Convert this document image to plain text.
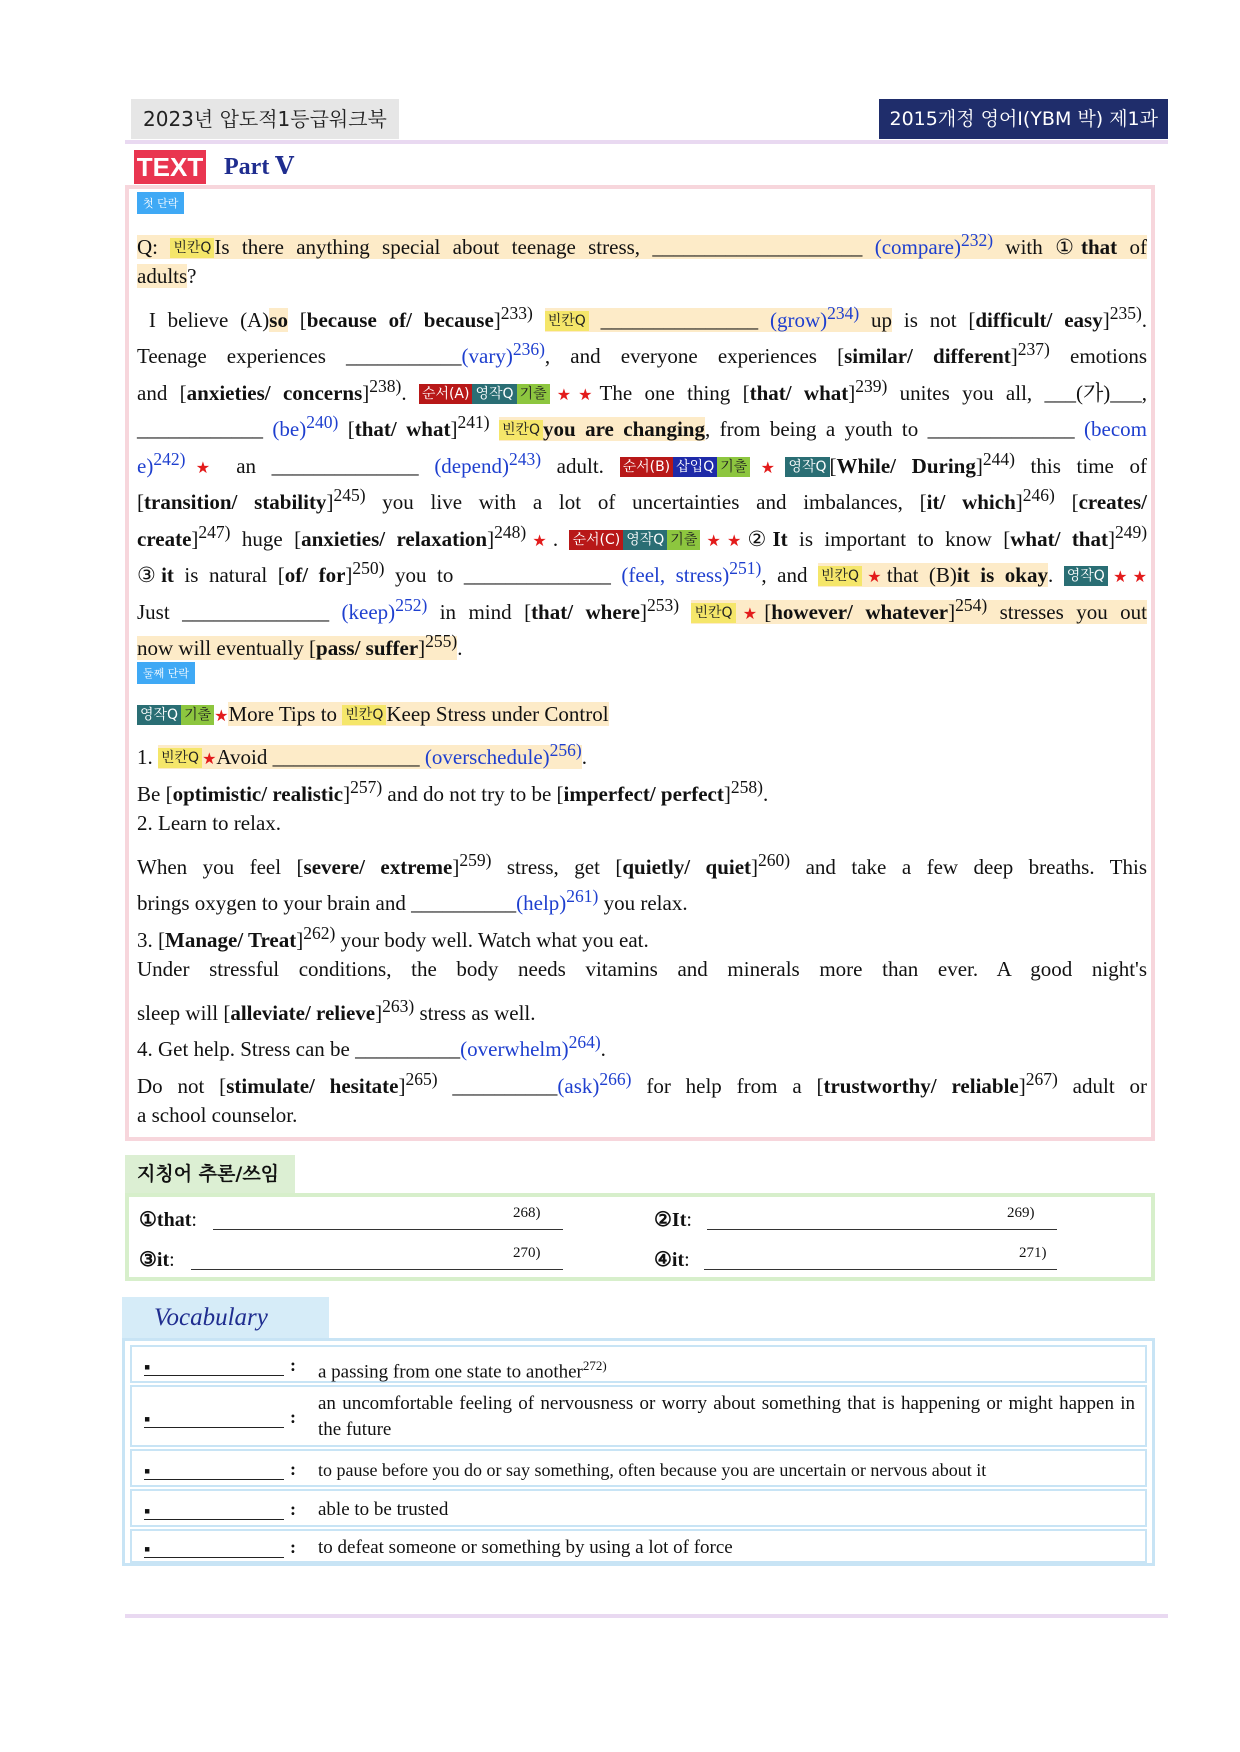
2023년 압도적1등급워크북	2015개정 영어Ⅰ(YBM 박) 제1과
TEXT Part Ⅴ
첫 단락
Q: 빈칸Q Is there anything special about teenage stress, ____________________ (compare)$^{232)}$ with ①that of
adults?
I believe (A)so [because of/ because]$^{233)}$ 빈칸Q _______________ (grow)$^{234)}$ up is not [difficult/ easy]$^{235)}$.
Teenage experiences ___________(vary)$^{236)}$, and everyone experiences [similar/ different]$^{237)}$ emotions
and [anxieties/ concerns]$^{238)}$. 순서(A) 영작Q 기출 ★★The one thing [that/ what]$^{239)}$ unites you all, ___(가)___,
____________ (be)$^{240)}$ [that/ what]$^{241)}$ 빈칸Q you are changing, from being a youth to ______________ (becom
e)$^{242)}$★ an ______________ (depend)$^{243)}$ adult. 순서(B) 삽입Q 기출 ★ 영작Q [While/ During]$^{244)}$ this time of
[transition/ stability]$^{245)}$ you live with a lot of uncertainties and imbalances, [it/ which]$^{246)}$ [creates/
create]$^{247)}$ huge [anxieties/ relaxation]$^{248)}$★. 순서(C) 영작Q 기출 ★★②It is important to know [what/ that]$^{249)}$
③it is natural [of/ for]$^{250)}$ you to ______________ (feel, stress)$^{251)}$, and 빈칸Q ★that (B)it is okay. 영작Q ★★
Just ______________ (keep)$^{252)}$ in mind [that/ where]$^{253)}$ 빈칸Q ★[however/ whatever]$^{254)}$ stresses you out
now will eventually [pass/ suffer]$^{255)}$.
둘째 단락
영작Q 기출 ★More Tips to 빈칸Q Keep Stress under Control
1. 빈칸Q ★Avoid ______________ (overschedule)$^{256)}$.
Be [optimistic/ realistic]$^{257)}$ and do not try to be [imperfect/ perfect]$^{258)}$.
2. Learn to relax.
When you feel [severe/ extreme]$^{259)}$ stress, get [quietly/ quiet]$^{260)}$ and take a few deep breaths. This
brings oxygen to your brain and __________(help)$^{261)}$ you relax.
3. [Manage/ Treat]$^{262)}$ your body well. Watch what you eat.
Under stressful conditions, the body needs vitamins and minerals more than ever. A good night's
sleep will [alleviate/ relieve]$^{263)}$ stress as well.
4. Get help. Stress can be __________(overwhelm)$^{264)}$.
Do not [stimulate/ hesitate]$^{265)}$ __________(ask)$^{266)}$ for help from a [trustworthy/ reliable]$^{267)}$ adult or
a school counselor.
지칭어 추론/쓰임
①that:	268)	②It:	269)
③it:	270)	④it:	271)
Vocabulary
▪	: a passing from one state to another$^{272)}$
▪	:
an uncomfortable feeling of nervousness or worry about something that is happening or might happen in the future
▪	: to pause before you do or say something, often because you are uncertain or nervous about it
▪	: able to be trusted
▪	: to defeat someone or something by using a lot of force
